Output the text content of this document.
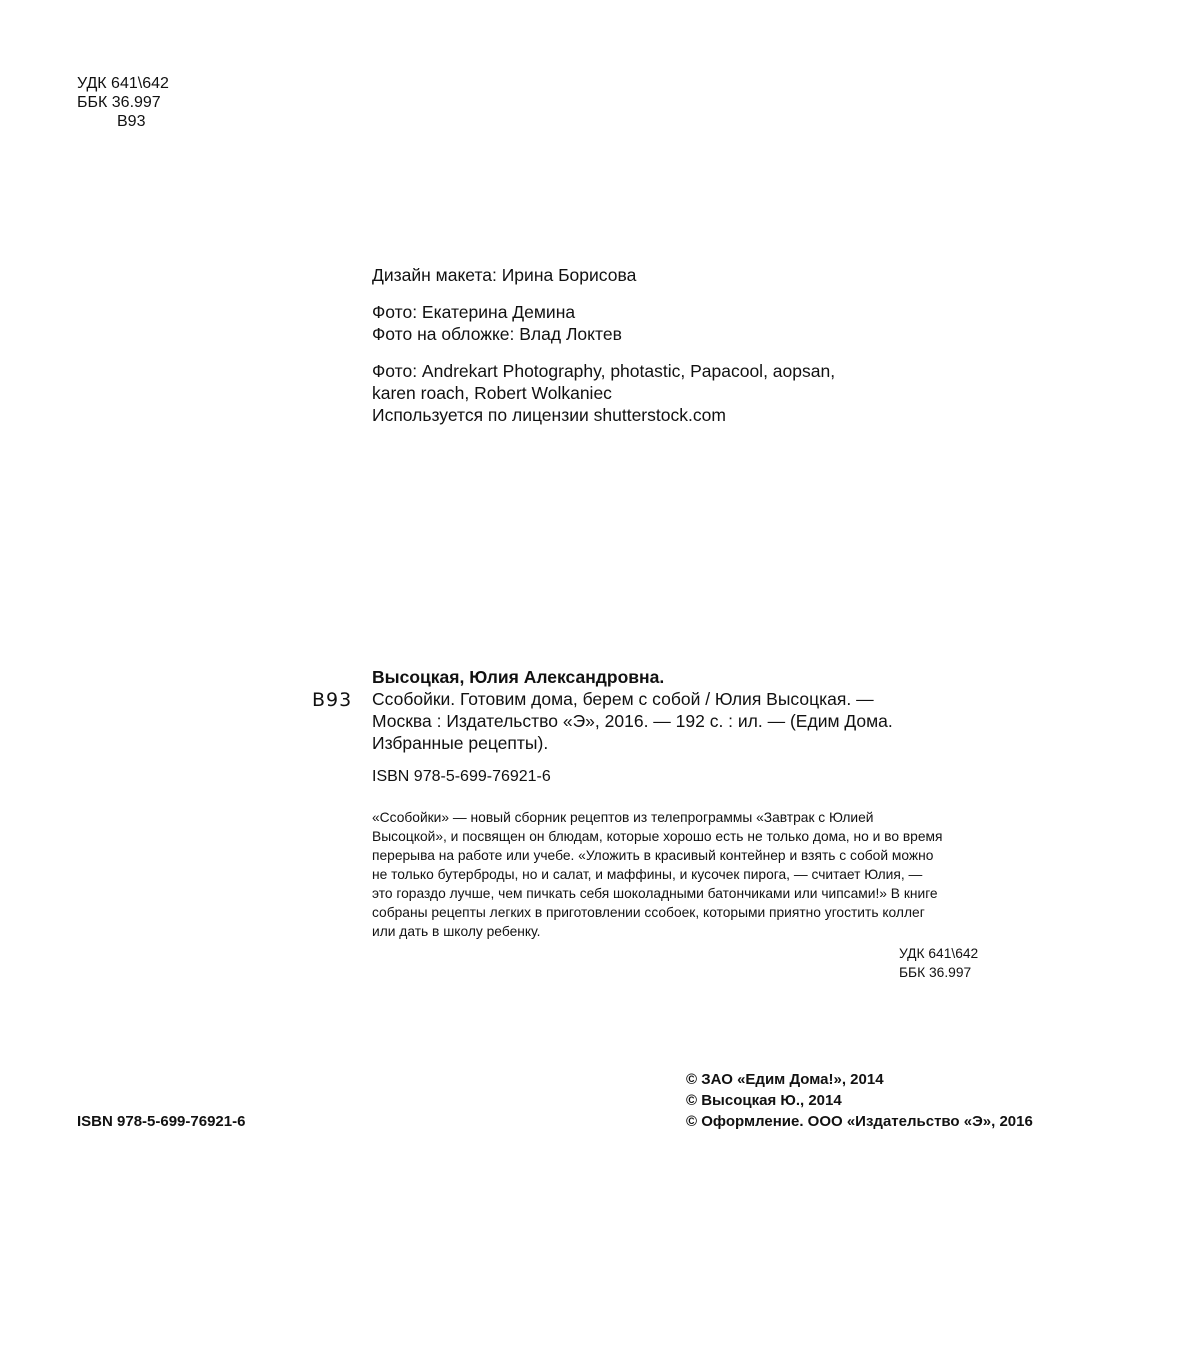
УДК 641\642
ББК 36.997
В93
Дизайн макета: Ирина Борисова
Фото: Екатерина Демина
Фото на обложке: Влад Локтев
Фото: Andrekart Photography, photastic, Papacool, aopsan,
karen roach, Robert Wolkaniec
Используется по лицензии shutterstock.com
В93
Высоцкая, Юлия Александровна.
Ссобойки. Готовим дома, берем с собой / Юлия Высоцкая. —
Москва : Издательство «Э», 2016. — 192 с. : ил. — (Едим Дома.
Избранные рецепты).
ISBN 978-5-699-76921-6
«Ссобойки» — новый сборник рецептов из телепрограммы «Завтрак с Юлией
Высоцкой», и посвящен он блюдам, которые хорошо есть не только дома, но и во время
перерыва на работе или учебе. «Уложить в красивый контейнер и взять с собой можно
не только бутерброды, но и салат, и маффины, и кусочек пирога, — считает Юлия, —
это гораздо лучше, чем пичкать себя шоколадными батончиками или чипсами!» В книге
собраны рецепты легких в приготовлении ссобоек, которыми приятно угостить коллег
или дать в школу ребенку.
УДК 641\642
ББК 36.997
© ЗАО «Едим Дома!», 2014
© Высоцкая Ю., 2014
© Оформление. ООО «Издательство «Э», 2016
ISBN 978-5-699-76921-6
